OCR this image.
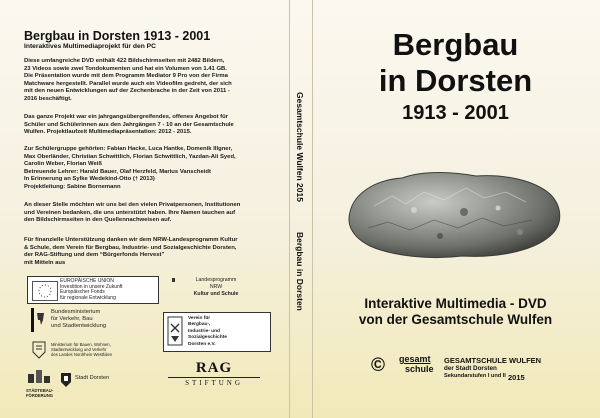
Bergbau in Dorsten 1913 - 2001
Interaktives Multimediaprojekt für den PC
Diese umfangreiche DVD enthält 422 Bildschirmseiten mit 2482 Bildern,
23 Videos sowie zwei Tondokumenten und hat ein Volumen von 1.41 GB.
Die Präsentation wurde mit dem Programm Mediator 9 Pro von der Firma
Matchware hergestellt. Parallel wurde auch ein Videofilm gedreht, der sich
mit den neuen Entwicklungen auf der Zechenbrache in der Zeit von 2011 -
2016 beschäftigt.
Das ganze Projekt war ein jahrgangsübergreifendes, offenes Angebot für
Schüler und Schülerinnen aus den Jahrgängen 7 - 10 an der Gesamtschule
Wulfen. Projektlaufzeit Multimediapräsentation: 2012 - 2015.
Zur Schülergruppe gehörten: Fabian Hacke, Luca Hantke, Domenik Illgner,
Max Oberländer, Christian Schwittlich, Florian Schwittlich, Yazdan-Ali Syed,
Carolin Weber, Florian Weiß
Betreuende Lehrer: Harald Bauer, Olaf Herzfeld, Marius Vanscheidt
In Erinnerung an Sylke Wedekind-Otto († 2013)
Projektleitung: Sabine Bornemann
An dieser Stelle möchten wir uns bei den vielen Privatpersonen, Institutionen
und Vereinen bedanken, die uns unterstützt haben. Ihre Namen tauchen auf
den Bildschirmseiten in den Quellennachweisen auf.
Für finanzielle Unterstützung danken wir dem NRW-Landesprogramm Kultur
& Schule, dem Verein für Bergbau, Industrie- und Sozialgeschichte Dorsten,
der RAG-Stiftung und dem “Bürgerfonds Hervest”
mit Mitteln aus
EUROPÄISCHE UNION
Investition in unsere Zukunft
Europäischer Fonds
für regionale Entwicklung
Landesprogramm
NRW
Kultur und Schule
Bundesministerium
für Verkehr, Bau
und Stadtentwicklung
Ministerium für Bauen, Wohnen,
Stadtentwicklung und Verkehr
des Landes Nordrhein-Westfalen
STÄDTEBAU-
FÖRDERUNG
Stadt Dorsten
Verein für
Bergbau-,
Industrie- und
Sozialgeschichte
Dorsten e.V.
RAG
STIFTUNG
Gesamtschule Wulfen 2015
Bergbau in Dorsten
Bergbau
in Dorsten
1913 - 2001
Interaktive Multimedia - DVD
von der Gesamtschule Wulfen
© gesamt
schule
GESAMTSCHULE WULFEN
der Stadt Dorsten
Sekundarstufen I und II 2015
